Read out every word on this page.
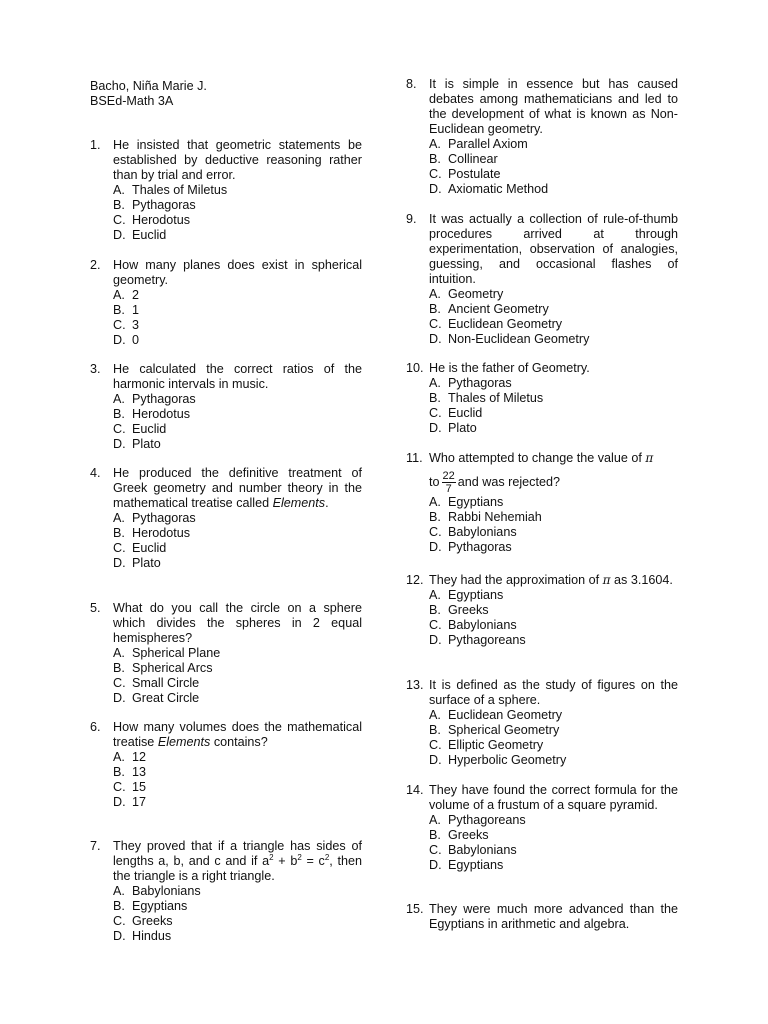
Bacho, Niña Marie J.
BSEd-Math 3A
1. He insisted that geometric statements be established by deductive reasoning rather than by trial and error.
A. Thales of Miletus
B. Pythagoras
C. Herodotus
D. Euclid
2. How many planes does exist in spherical geometry.
A. 2
B. 1
C. 3
D. 0
3. He calculated the correct ratios of the harmonic intervals in music.
A. Pythagoras
B. Herodotus
C. Euclid
D. Plato
4. He produced the definitive treatment of Greek geometry and number theory in the mathematical treatise called Elements.
A. Pythagoras
B. Herodotus
C. Euclid
D. Plato
5. What do you call the circle on a sphere which divides the spheres in 2 equal hemispheres?
A. Spherical Plane
B. Spherical Arcs
C. Small Circle
D. Great Circle
6. How many volumes does the mathematical treatise Elements contains?
A. 12
B. 13
C. 15
D. 17
7. They proved that if a triangle has sides of lengths a, b, and c and if $a^2 + b^2 = c^2$, then the triangle is a right triangle.
A. Babylonians
B. Egyptians
C. Greeks
D. Hindus
8. It is simple in essence but has caused debates among mathematicians and led to the development of what is known as Non-Euclidean geometry.
A. Parallel Axiom
B. Collinear
C. Postulate
D. Axiomatic Method
9. It was actually a collection of rule-of-thumb procedures arrived at through experimentation, observation of analogies, guessing, and occasional flashes of intuition.
A. Geometry
B. Ancient Geometry
C. Euclidean Geometry
D. Non-Euclidean Geometry
10. He is the father of Geometry.
A. Pythagoras
B. Thales of Miletus
C. Euclid
D. Plato
11. Who attempted to change the value of π
to $\frac{22}{7}$ and was rejected?
A. Egyptians
B. Rabbi Nehemiah
C. Babylonians
D. Pythagoras
12. They had the approximation of π as 3.1604.
A. Egyptians
B. Greeks
C. Babylonians
D. Pythagoreans
13. It is defined as the study of figures on the surface of a sphere.
A. Euclidean Geometry
B. Spherical Geometry
C. Elliptic Geometry
D. Hyperbolic Geometry
14. They have found the correct formula for the volume of a frustum of a square pyramid.
A. Pythagoreans
B. Greeks
C. Babylonians
D. Egyptians
15. They were much more advanced than the Egyptians in arithmetic and algebra.
